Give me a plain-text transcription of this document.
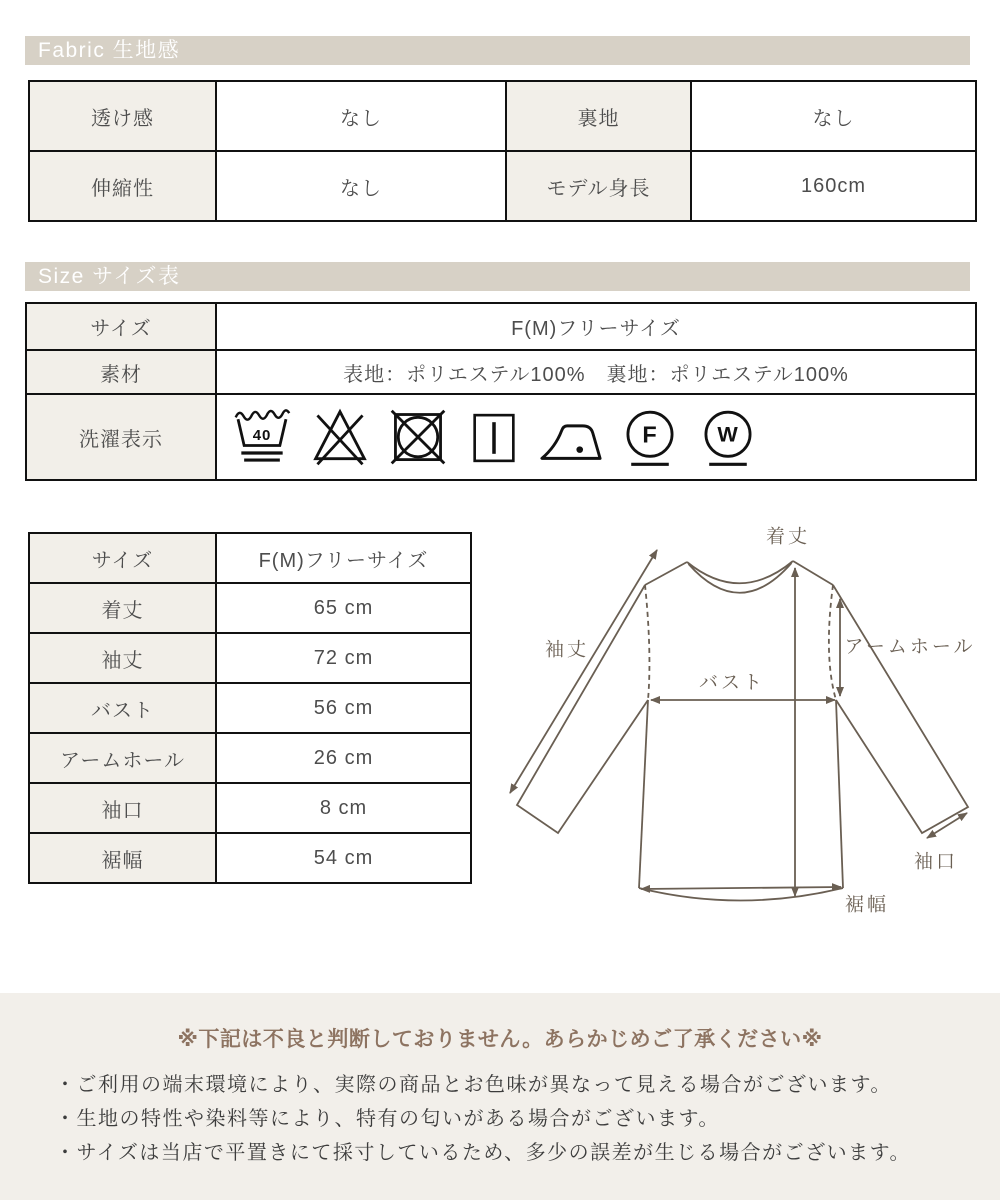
Fabric 生地感
透け感	なし	裏地	なし
伸縮性	なし	モデル身長	160cm
Size サイズ表
サイズ	F(M)フリーサイズ
素材	表地：ポリエステル100%　裏地：ポリエステル100%
洗濯表示	40 F W
サイズ	F(M)フリーサイズ
着丈	65 cm
袖丈	72 cm
バスト	56 cm
アームホール	26 cm
袖口	8 cm
裾幅	54 cm
着丈
袖丈	アームホール
バスト
袖口
裾幅
※下記は不良と判断しておりません。あらかじめご了承ください※
・ご利用の端末環境により、実際の商品とお色味が異なって見える場合がございます。
・生地の特性や染料等により、特有の匂いがある場合がございます。
・サイズは当店で平置きにて採寸しているため、多少の誤差が生じる場合がございます。
